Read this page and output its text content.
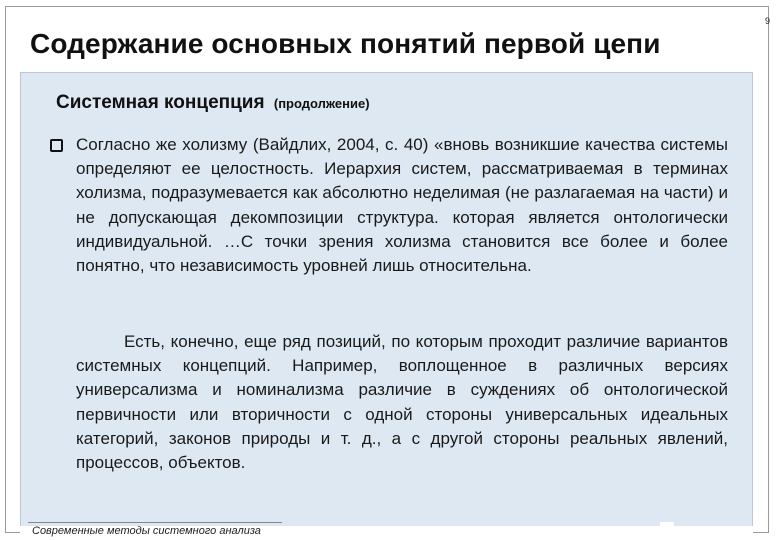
9
Содержание основных понятий первой цепи
Системная концепция (продолжение)
Согласно же холизму (Вайдлих, 2004, с. 40) «вновь возникшие качества системы определяют ее целостность. Иерархия систем, рассматриваемая в терминах холизма, подразумевается как абсолютно неделимая (не разлагаемая на части) и не допускающая декомпозиции структура. которая является онтологически индивидуальной. …С точки зрения холизма становится все более и более понятно, что независимость уровней лишь относительна.
Есть, конечно, еще ряд позиций, по которым проходит различие вариантов системных концепций. Например, воплощенное в различных версиях универсализма и номинализма различие в суждениях об онтологической первичности или вторичности с одной стороны универсальных идеальных категорий, законов природы и т. д., а с другой стороны реальных явлений, процессов, объектов.
Современные методы системного анализа
